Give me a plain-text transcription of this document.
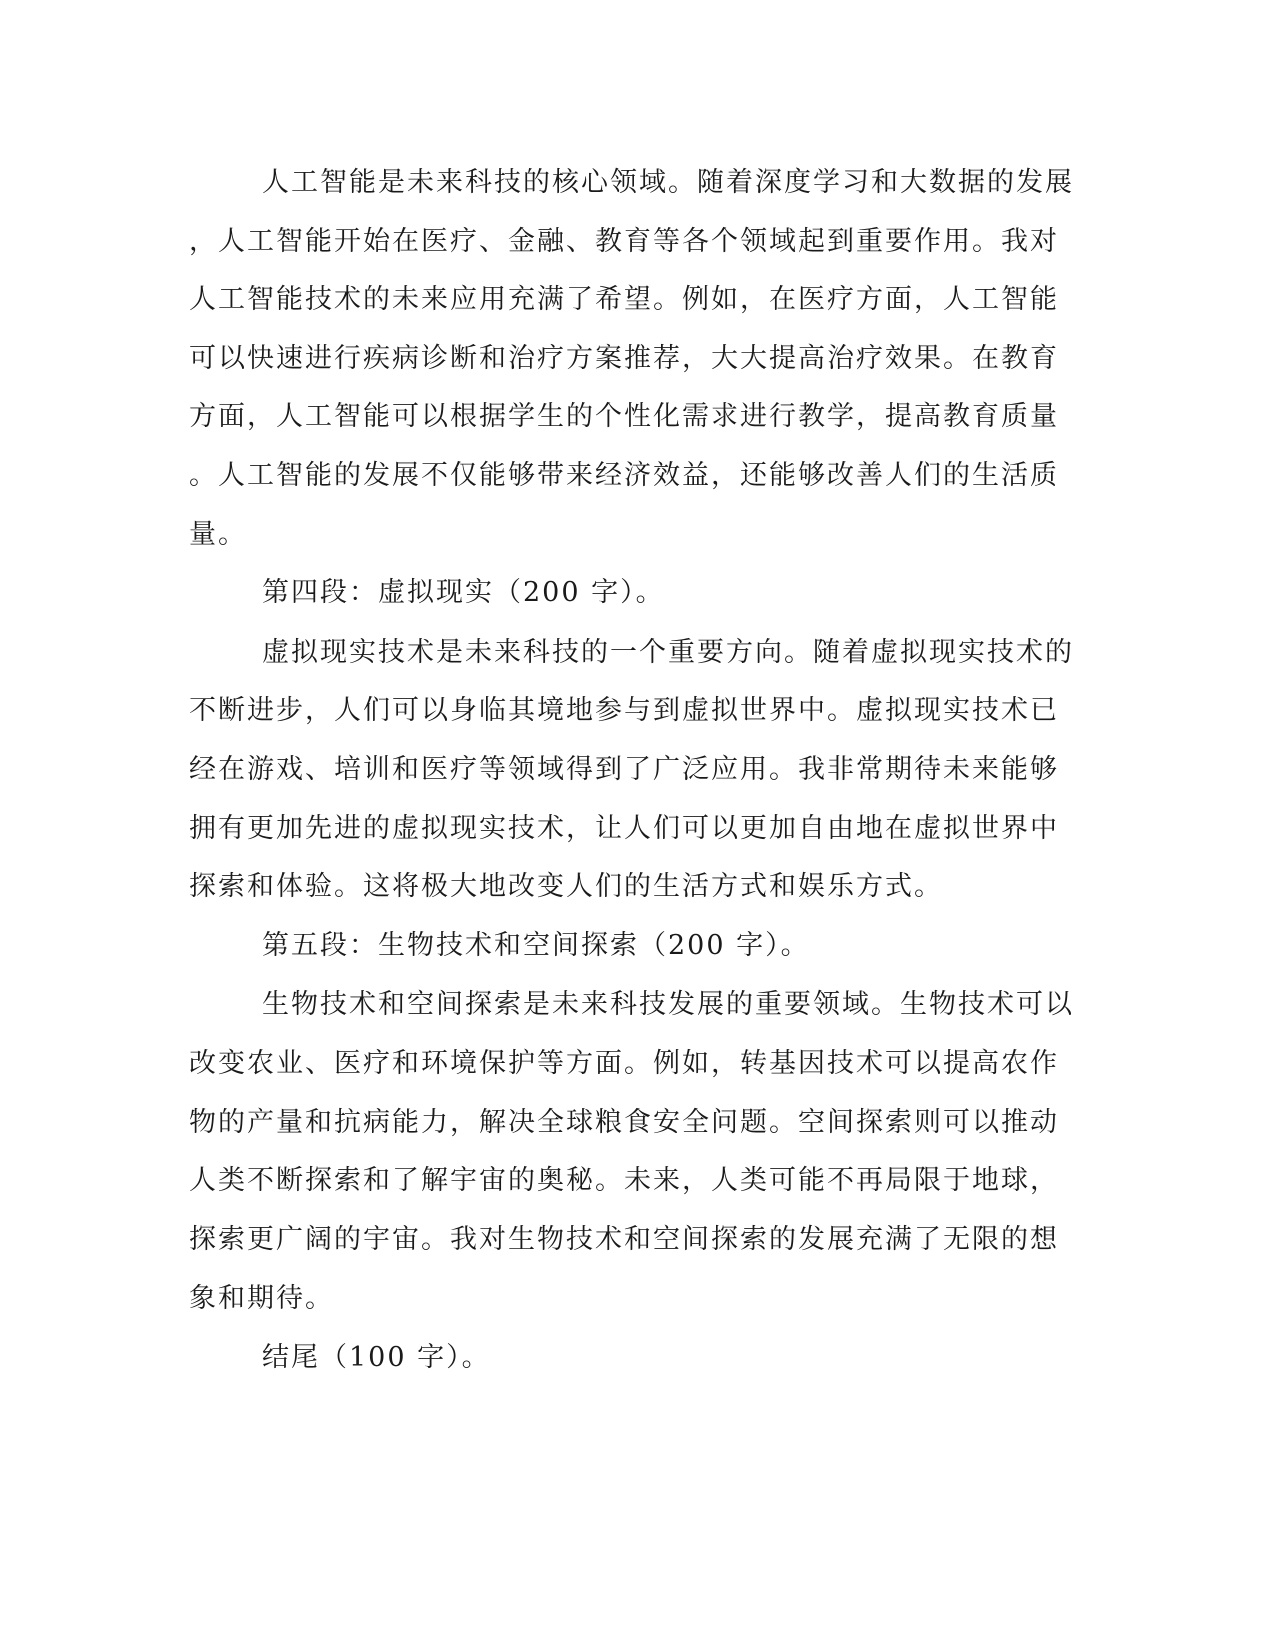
人工智能是未来科技的核心领域。随着深度学习和大数据的发展
，人工智能开始在医疗、金融、教育等各个领域起到重要作用。我对
人工智能技术的未来应用充满了希望。例如，在医疗方面，人工智能
可以快速进行疾病诊断和治疗方案推荐，大大提高治疗效果。在教育
方面，人工智能可以根据学生的个性化需求进行教学，提高教育质量
。人工智能的发展不仅能够带来经济效益，还能够改善人们的生活质
量。
第四段：虚拟现实（200 字）。
虚拟现实技术是未来科技的一个重要方向。随着虚拟现实技术的
不断进步，人们可以身临其境地参与到虚拟世界中。虚拟现实技术已
经在游戏、培训和医疗等领域得到了广泛应用。我非常期待未来能够
拥有更加先进的虚拟现实技术，让人们可以更加自由地在虚拟世界中
探索和体验。这将极大地改变人们的生活方式和娱乐方式。
第五段：生物技术和空间探索（200 字）。
生物技术和空间探索是未来科技发展的重要领域。生物技术可以
改变农业、医疗和环境保护等方面。例如，转基因技术可以提高农作
物的产量和抗病能力，解决全球粮食安全问题。空间探索则可以推动
人类不断探索和了解宇宙的奥秘。未来，人类可能不再局限于地球，
探索更广阔的宇宙。我对生物技术和空间探索的发展充满了无限的想
象和期待。
结尾（100 字）。
